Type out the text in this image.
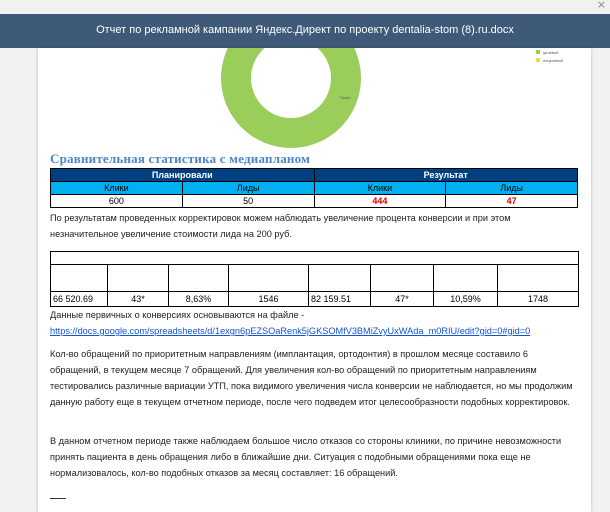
×
Отчет по рекламной кампании Яндекс.Директ по проекту dentalia-stom (8).ru.docx
Госпо
целевой
нецелевой
Сравнительная статистика с медиапланом
Планировали		Результат	
Клики	Лиды	Клики	Лиды
600	50	444	47
По результатам проведенных корректировок можем наблюдать увеличение процента конверсии и при этом незначительное увеличение стоимости лида на 200 руб.

66 520.69	43*	8,63%	1546	82 159.51	47*	10,59%	1748
Данные первичных о конверсиях основываются на файле -
https://docs.google.com/spreadsheets/d/1exgn6pEZSOaRenk5jGKSOMfV3BMiZvyUxWAda_m0RIU/edit?gid=0#gid=0
Кол-во обращений по приоритетным направлениям (имплантация, ортодонтия) в прошлом месяце составило 6 обращений, в текущем месяце 7 обращений. Для увеличения кол-во обращений по приоритетным направлениям тестировались различные вариации УТП, пока видимого увеличения числа конверсии не наблюдается, но мы продолжим данную работу еще в текущем отчетном периоде, после чего подведем итог целесообразности подобных корректировок.
В данном отчетном периоде также наблюдаем большое число отказов со стороны клиники, по причине невозможности принять пациента в день обращения либо в ближайшие дни. Ситуация с подобными обращениями пока еще не нормализовалось, кол-во подобных отказов за месяц составляет: 16 обращений.
